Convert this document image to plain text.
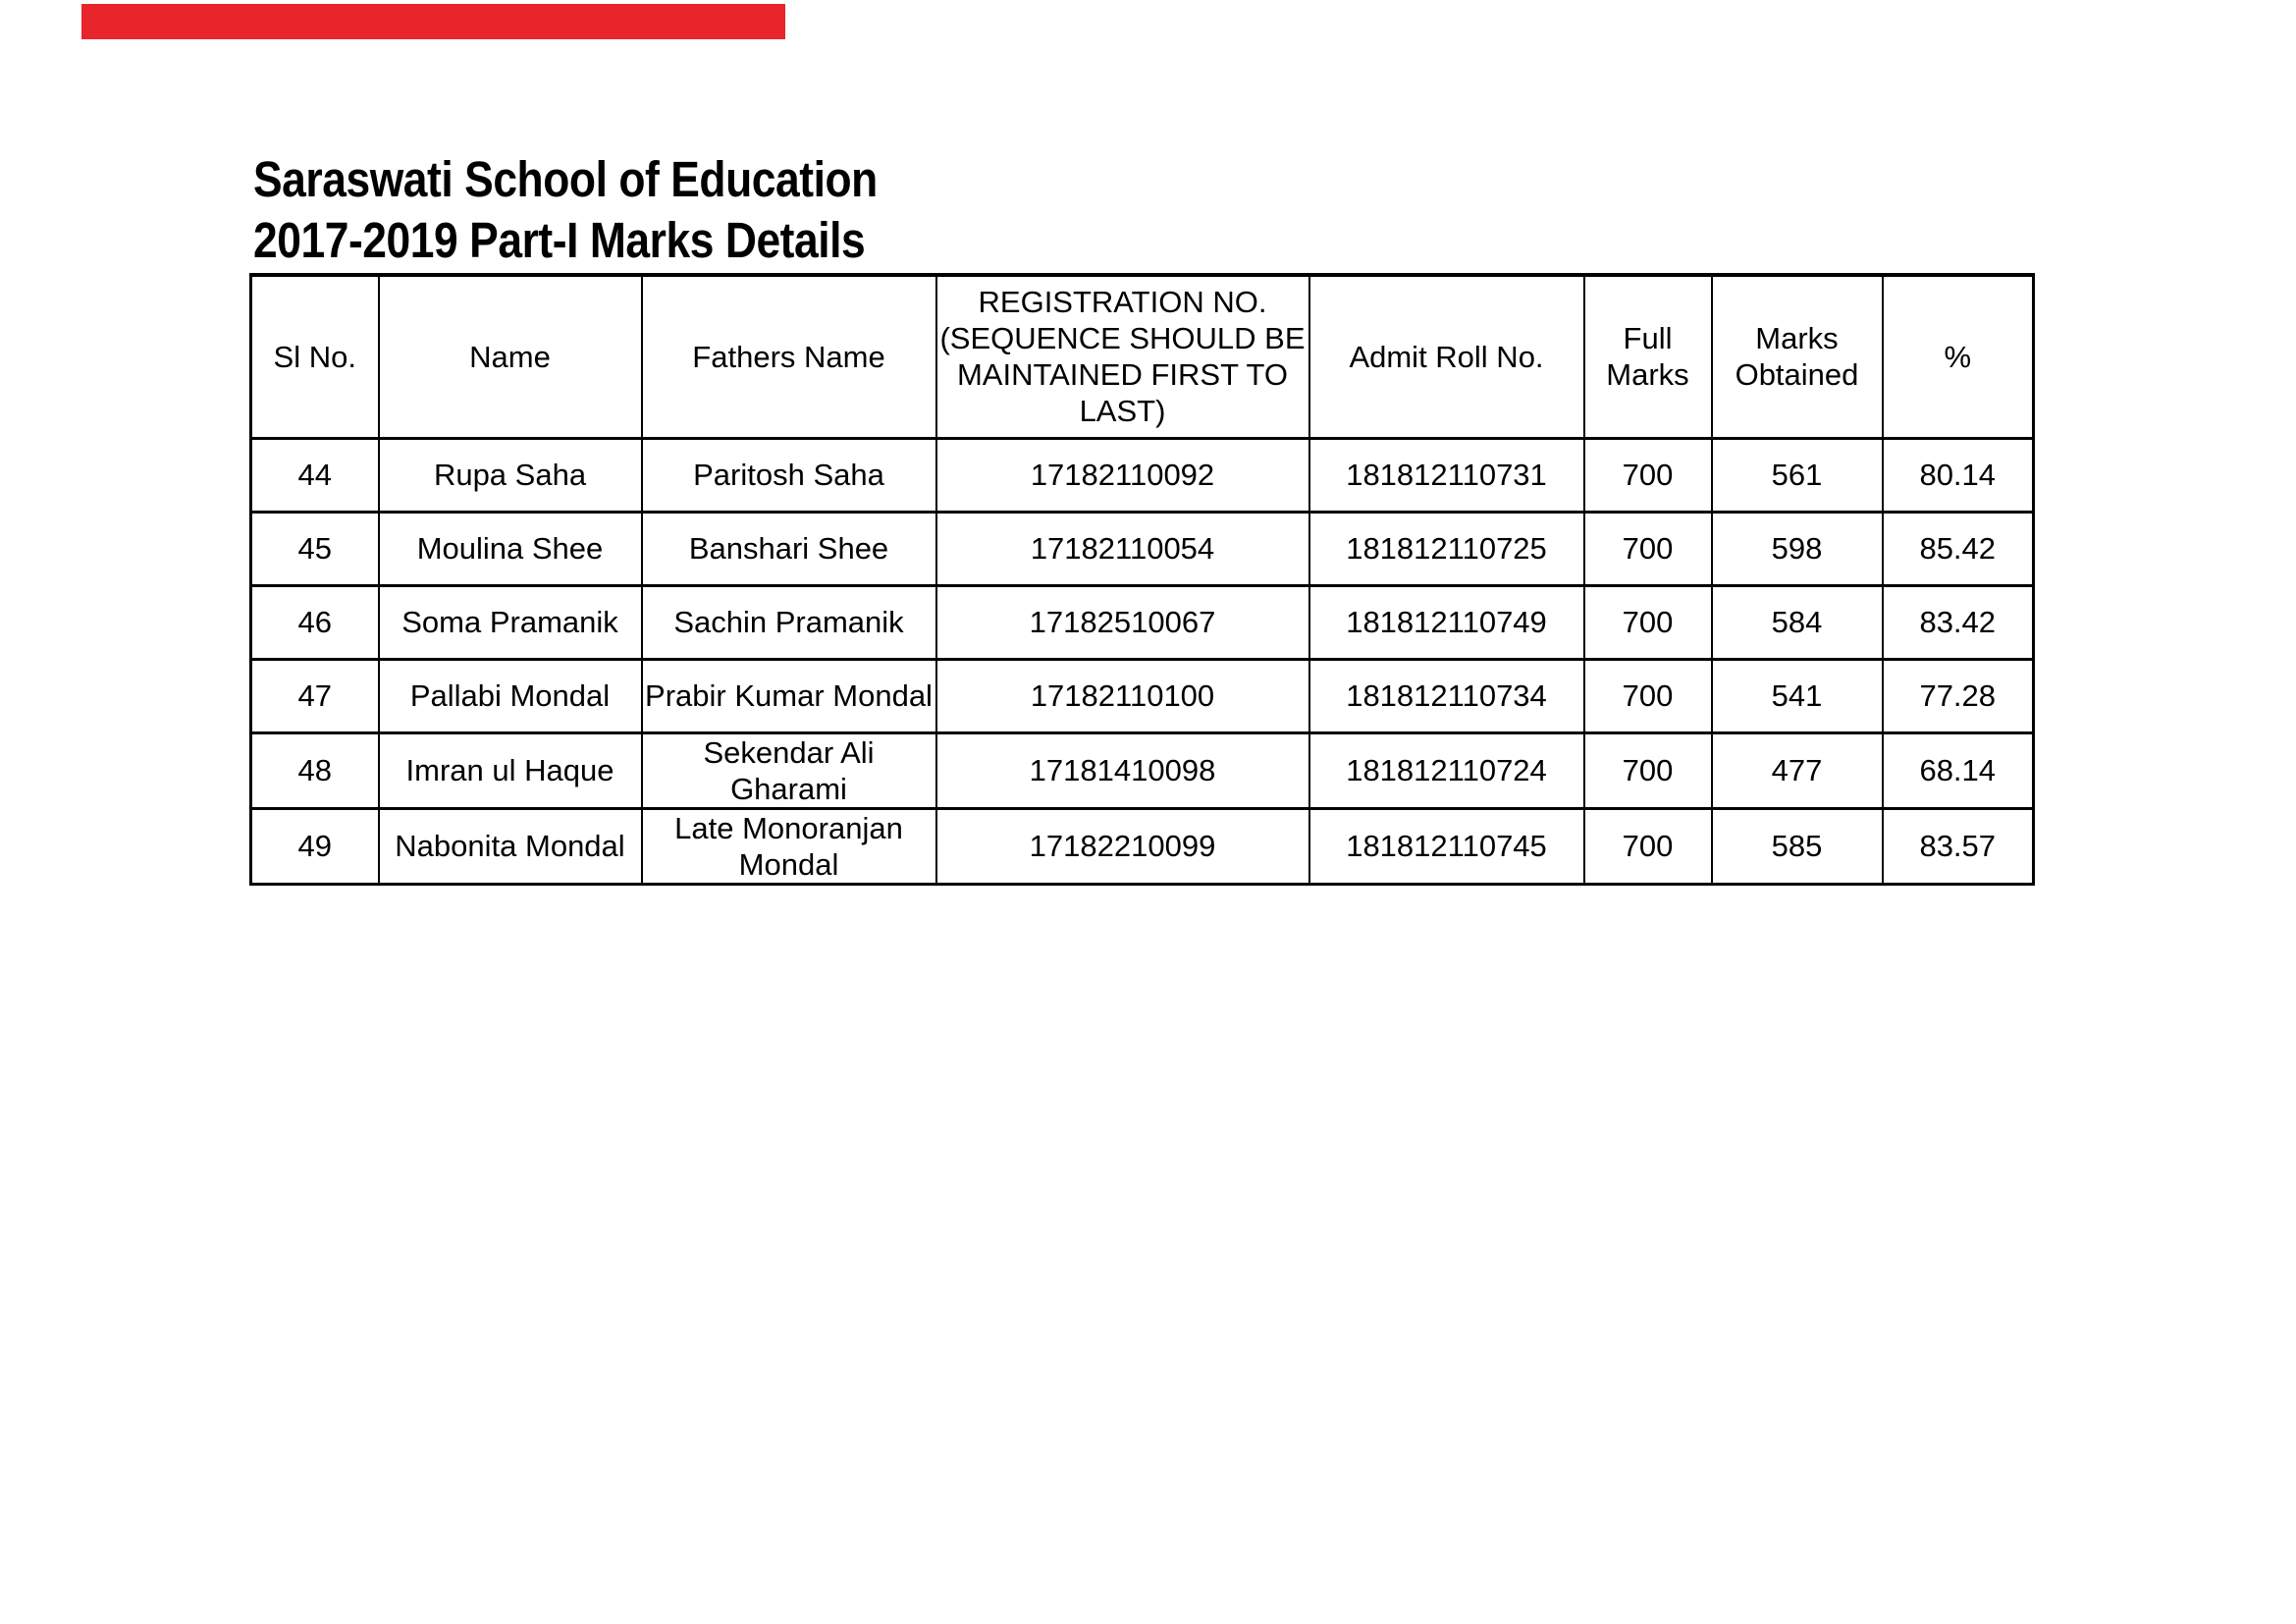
Saraswati School of Education
2017-2019 Part-I Marks Details
Sl No.	Name	Fathers Name	REGISTRATION NO. (SEQUENCE SHOULD BE MAINTAINED FIRST TO LAST)	Admit Roll No.	Full Marks	Marks Obtained	%
44	Rupa Saha	Paritosh Saha	17182110092	181812110731	700	561	80.14
45	Moulina Shee	Banshari Shee	17182110054	181812110725	700	598	85.42
46	Soma Pramanik	Sachin Pramanik	17182510067	181812110749	700	584	83.42
47	Pallabi Mondal	Prabir Kumar Mondal	17182110100	181812110734	700	541	77.28
48	Imran ul Haque	Sekendar Ali Gharami	17181410098	181812110724	700	477	68.14
49	Nabonita Mondal	Late Monoranjan Mondal	17182210099	181812110745	700	585	83.57
